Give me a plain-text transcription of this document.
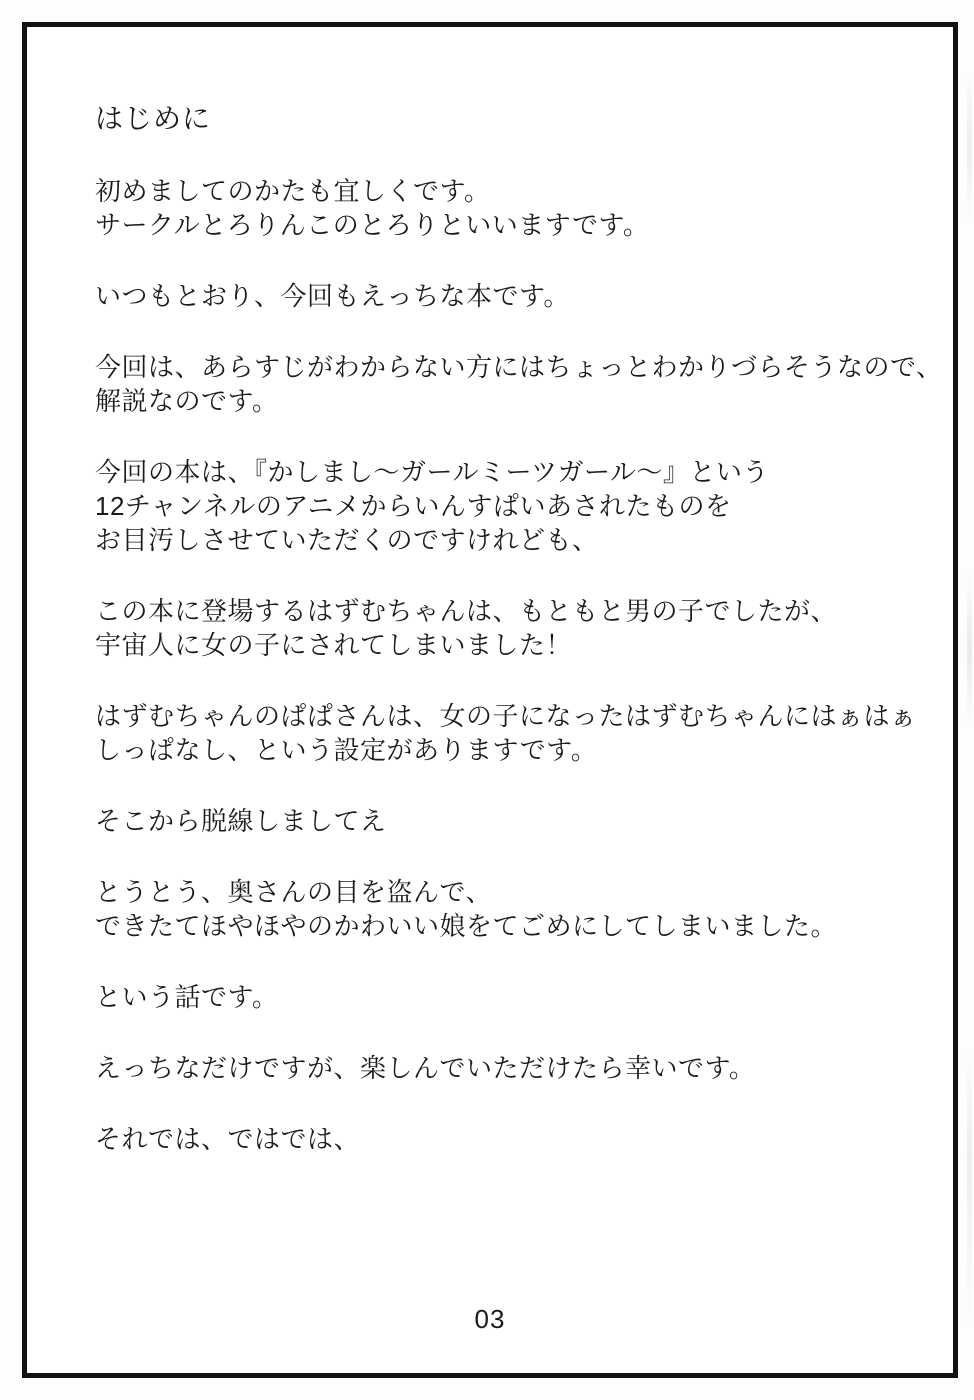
はじめに
初めましてのかたも宜しくです。
サークルとろりんこのとろりといいますです。
いつもとおり、今回もえっちな本です。
今回は、あらすじがわからない方にはちょっとわかりづらそうなので、
解説なのです。
今回の本は、『かしまし～ガールミーツガール～』という
12チャンネルのアニメからいんすぱいあされたものを
お目汚しさせていただくのですけれども、
この本に登場するはずむちゃんは、もともと男の子でしたが、
宇宙人に女の子にされてしまいました！
はずむちゃんのぱぱさんは、女の子になったはずむちゃんにはぁはぁ
しっぱなし、という設定がありますです。
そこから脱線しましてえ
とうとう、奥さんの目を盗んで、
できたてほやほやのかわいい娘をてごめにしてしまいました。
という話です。
えっちなだけですが、楽しんでいただけたら幸いです。
それでは、ではでは、
03
